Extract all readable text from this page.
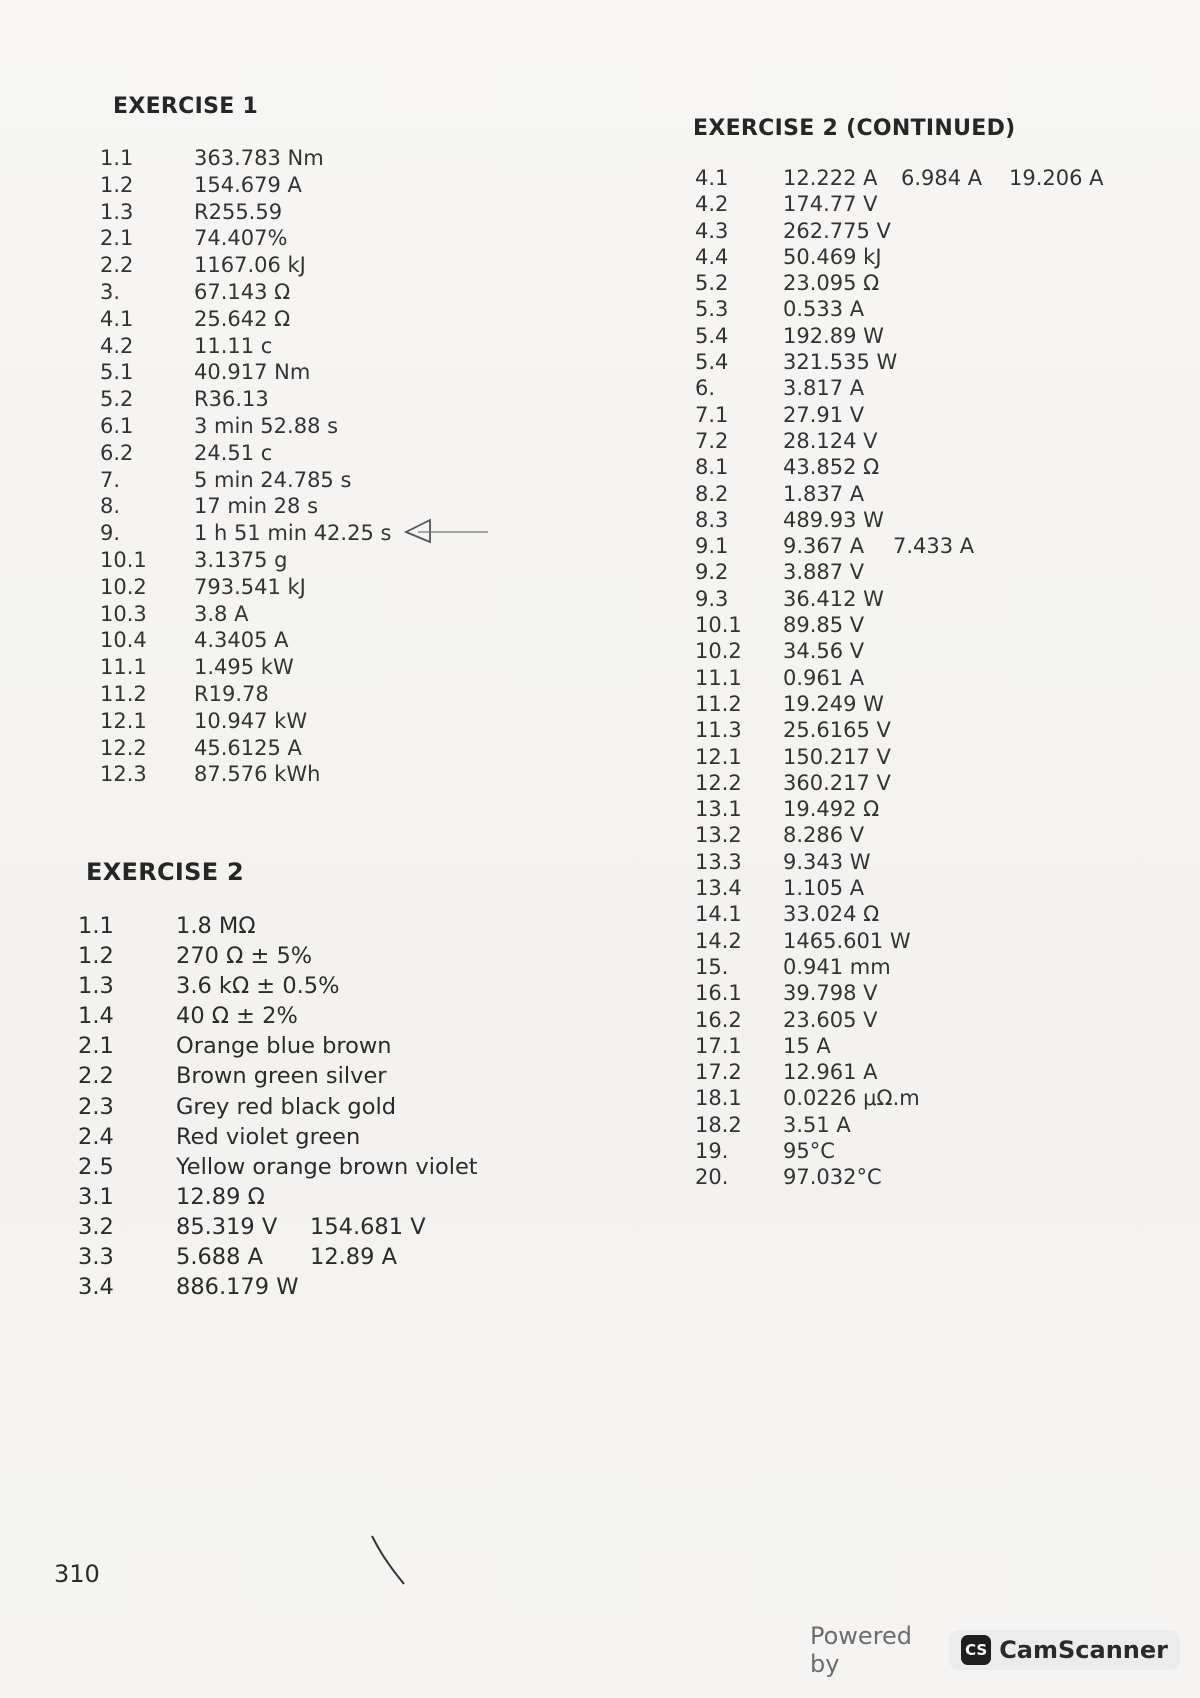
EXERCISE 1
1.1	363.783 Nm
1.2	154.679 A
1.3	R255.59
2.1	74.407%
2.2	1167.06 kJ
3.	67.143 Ω
4.1	25.642 Ω
4.2	11.11 c
5.1	40.917 Nm
5.2	R36.13
6.1	3 min 52.88 s
6.2	24.51 c
7.	5 min 24.785 s
8.	17 min 28 s
9.	1 h 51 min 42.25 s
10.1 3.1375 g
10.2 793.541 kJ
10.3 3.8 A
10.4 4.3405 A
11.1 1.495 kW
11.2 R19.78
12.1 10.947 kW
12.2 45.6125 A
12.3 87.576 kWh
EXERCISE 2
1.1	1.8 MΩ
1.2	270 Ω ± 5%
1.3	3.6 kΩ ± 0.5%
1.4	40 Ω ± 2%
2.1	Orange blue brown
2.2	Brown green silver
2.3	Grey red black gold
2.4	Red violet green
2.5	Yellow orange brown violet
3.1	12.89 Ω
3.2	85.319 V 154.681 V
3.3	5.688 A 12.89 A
3.4	886.179 W
EXERCISE 2 (CONTINUED)
4.1	12.222 A 6.984 A 19.206 A
4.2	174.77 V
4.3	262.775 V
4.4	50.469 kJ
5.2	23.095 Ω
5.3	0.533 A
5.4	192.89 W
5.4	321.535 W
6.	3.817 A
7.1	27.91 V
7.2	28.124 V
8.1	43.852 Ω
8.2	1.837 A
8.3	489.93 W
9.1	9.367 A 7.433 A
9.2	3.887 V
9.3	36.412 W
10.1 89.85 V
10.2 34.56 V
11.1 0.961 A
11.2 19.249 W
11.3 25.6165 V
12.1 150.217 V
12.2 360.217 V
13.1 19.492 Ω
13.2 8.286 V
13.3 9.343 W
13.4 1.105 A
14.1 33.024 Ω
14.2 1465.601 W
15.	0.941 mm
16.1 39.798 V
16.2 23.605 V
17.1 15 A
17.2 12.961 A
18.1 0.0226 μΩ.m
18.2 3.51 A
19.	95°C
20.	97.032°C
310
Powered by	CS CamScanner
